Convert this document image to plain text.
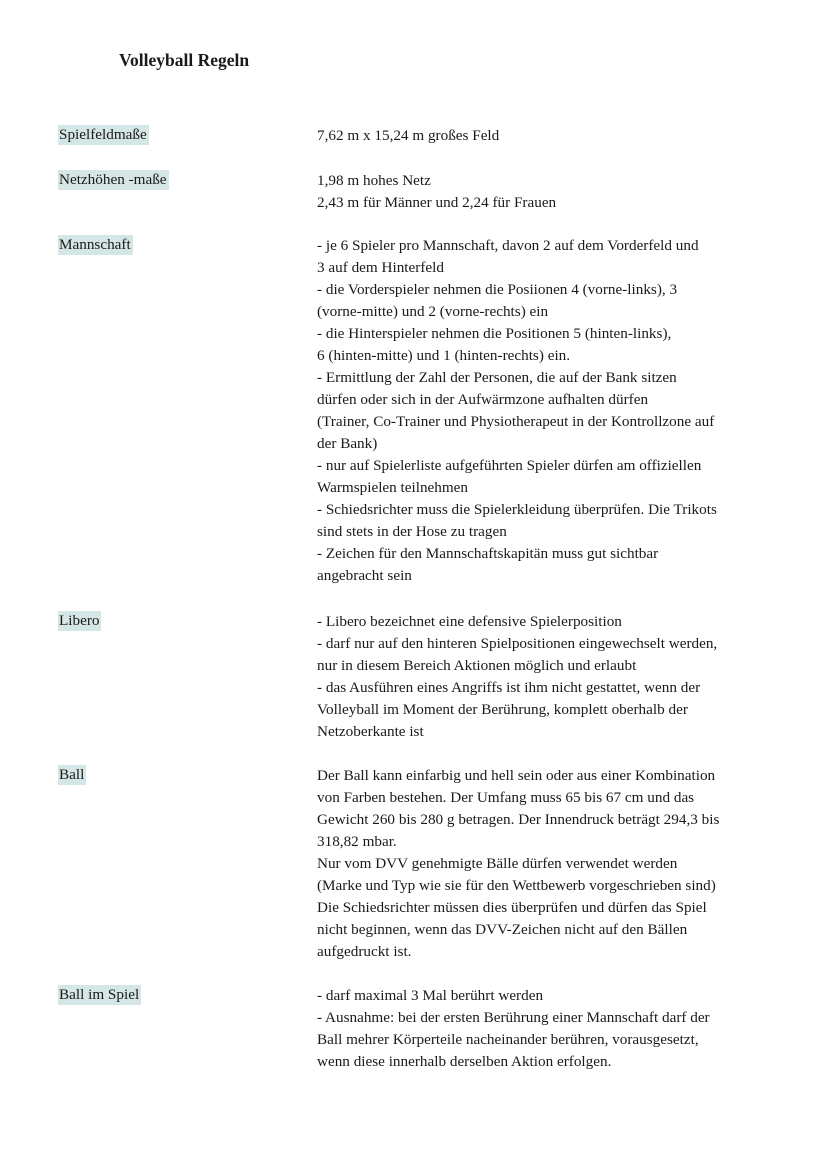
Volleyball Regeln
Spielfeldmaße	7,62 m x 15,24 m großes Feld
Netzhöhen -maße	1,98 m hohes Netz
2,43 m für Männer und 2,24 für Frauen
Mannschaft	- je 6 Spieler pro Mannschaft, davon 2 auf dem Vorderfeld und
3 auf dem Hinterfeld
- die Vorderspieler nehmen die Posiionen 4 (vorne-links), 3
(vorne-mitte) und 2 (vorne-rechts) ein
- die Hinterspieler nehmen die Positionen 5 (hinten-links),
6 (hinten-mitte) und 1 (hinten-rechts) ein.
- Ermittlung der Zahl der Personen, die auf der Bank sitzen
dürfen oder sich in der Aufwärmzone aufhalten dürfen
(Trainer, Co-Trainer und Physiotherapeut in der Kontrollzone auf
der Bank)
- nur auf Spielerliste aufgeführten Spieler dürfen am offiziellen
Warmspielen teilnehmen
- Schiedsrichter muss die Spielerkleidung überprüfen. Die Trikots
sind stets in der Hose zu tragen
- Zeichen für den Mannschaftskapitän muss gut sichtbar
angebracht sein
Libero	- Libero bezeichnet eine defensive Spielerposition
- darf nur auf den hinteren Spielpositionen eingewechselt werden,
nur in diesem Bereich Aktionen möglich und erlaubt
- das Ausführen eines Angriffs ist ihm nicht gestattet, wenn der
Volleyball im Moment der Berührung, komplett oberhalb der
Netzoberkante ist
Ball	Der Ball kann einfarbig und hell sein oder aus einer Kombination
von Farben bestehen. Der Umfang muss 65 bis 67 cm und das
Gewicht 260 bis 280 g betragen. Der Innendruck beträgt 294,3 bis
318,82 mbar.
Nur vom DVV genehmigte Bälle dürfen verwendet werden
(Marke und Typ wie sie für den Wettbewerb vorgeschrieben sind)
Die Schiedsrichter müssen dies überprüfen und dürfen das Spiel
nicht beginnen, wenn das DVV-Zeichen nicht auf den Bällen
aufgedruckt ist.
Ball im Spiel	- darf maximal 3 Mal berührt werden
- Ausnahme: bei der ersten Berührung einer Mannschaft darf der
Ball mehrer Körperteile nacheinander berühren, vorausgesetzt,
wenn diese innerhalb derselben Aktion erfolgen.
